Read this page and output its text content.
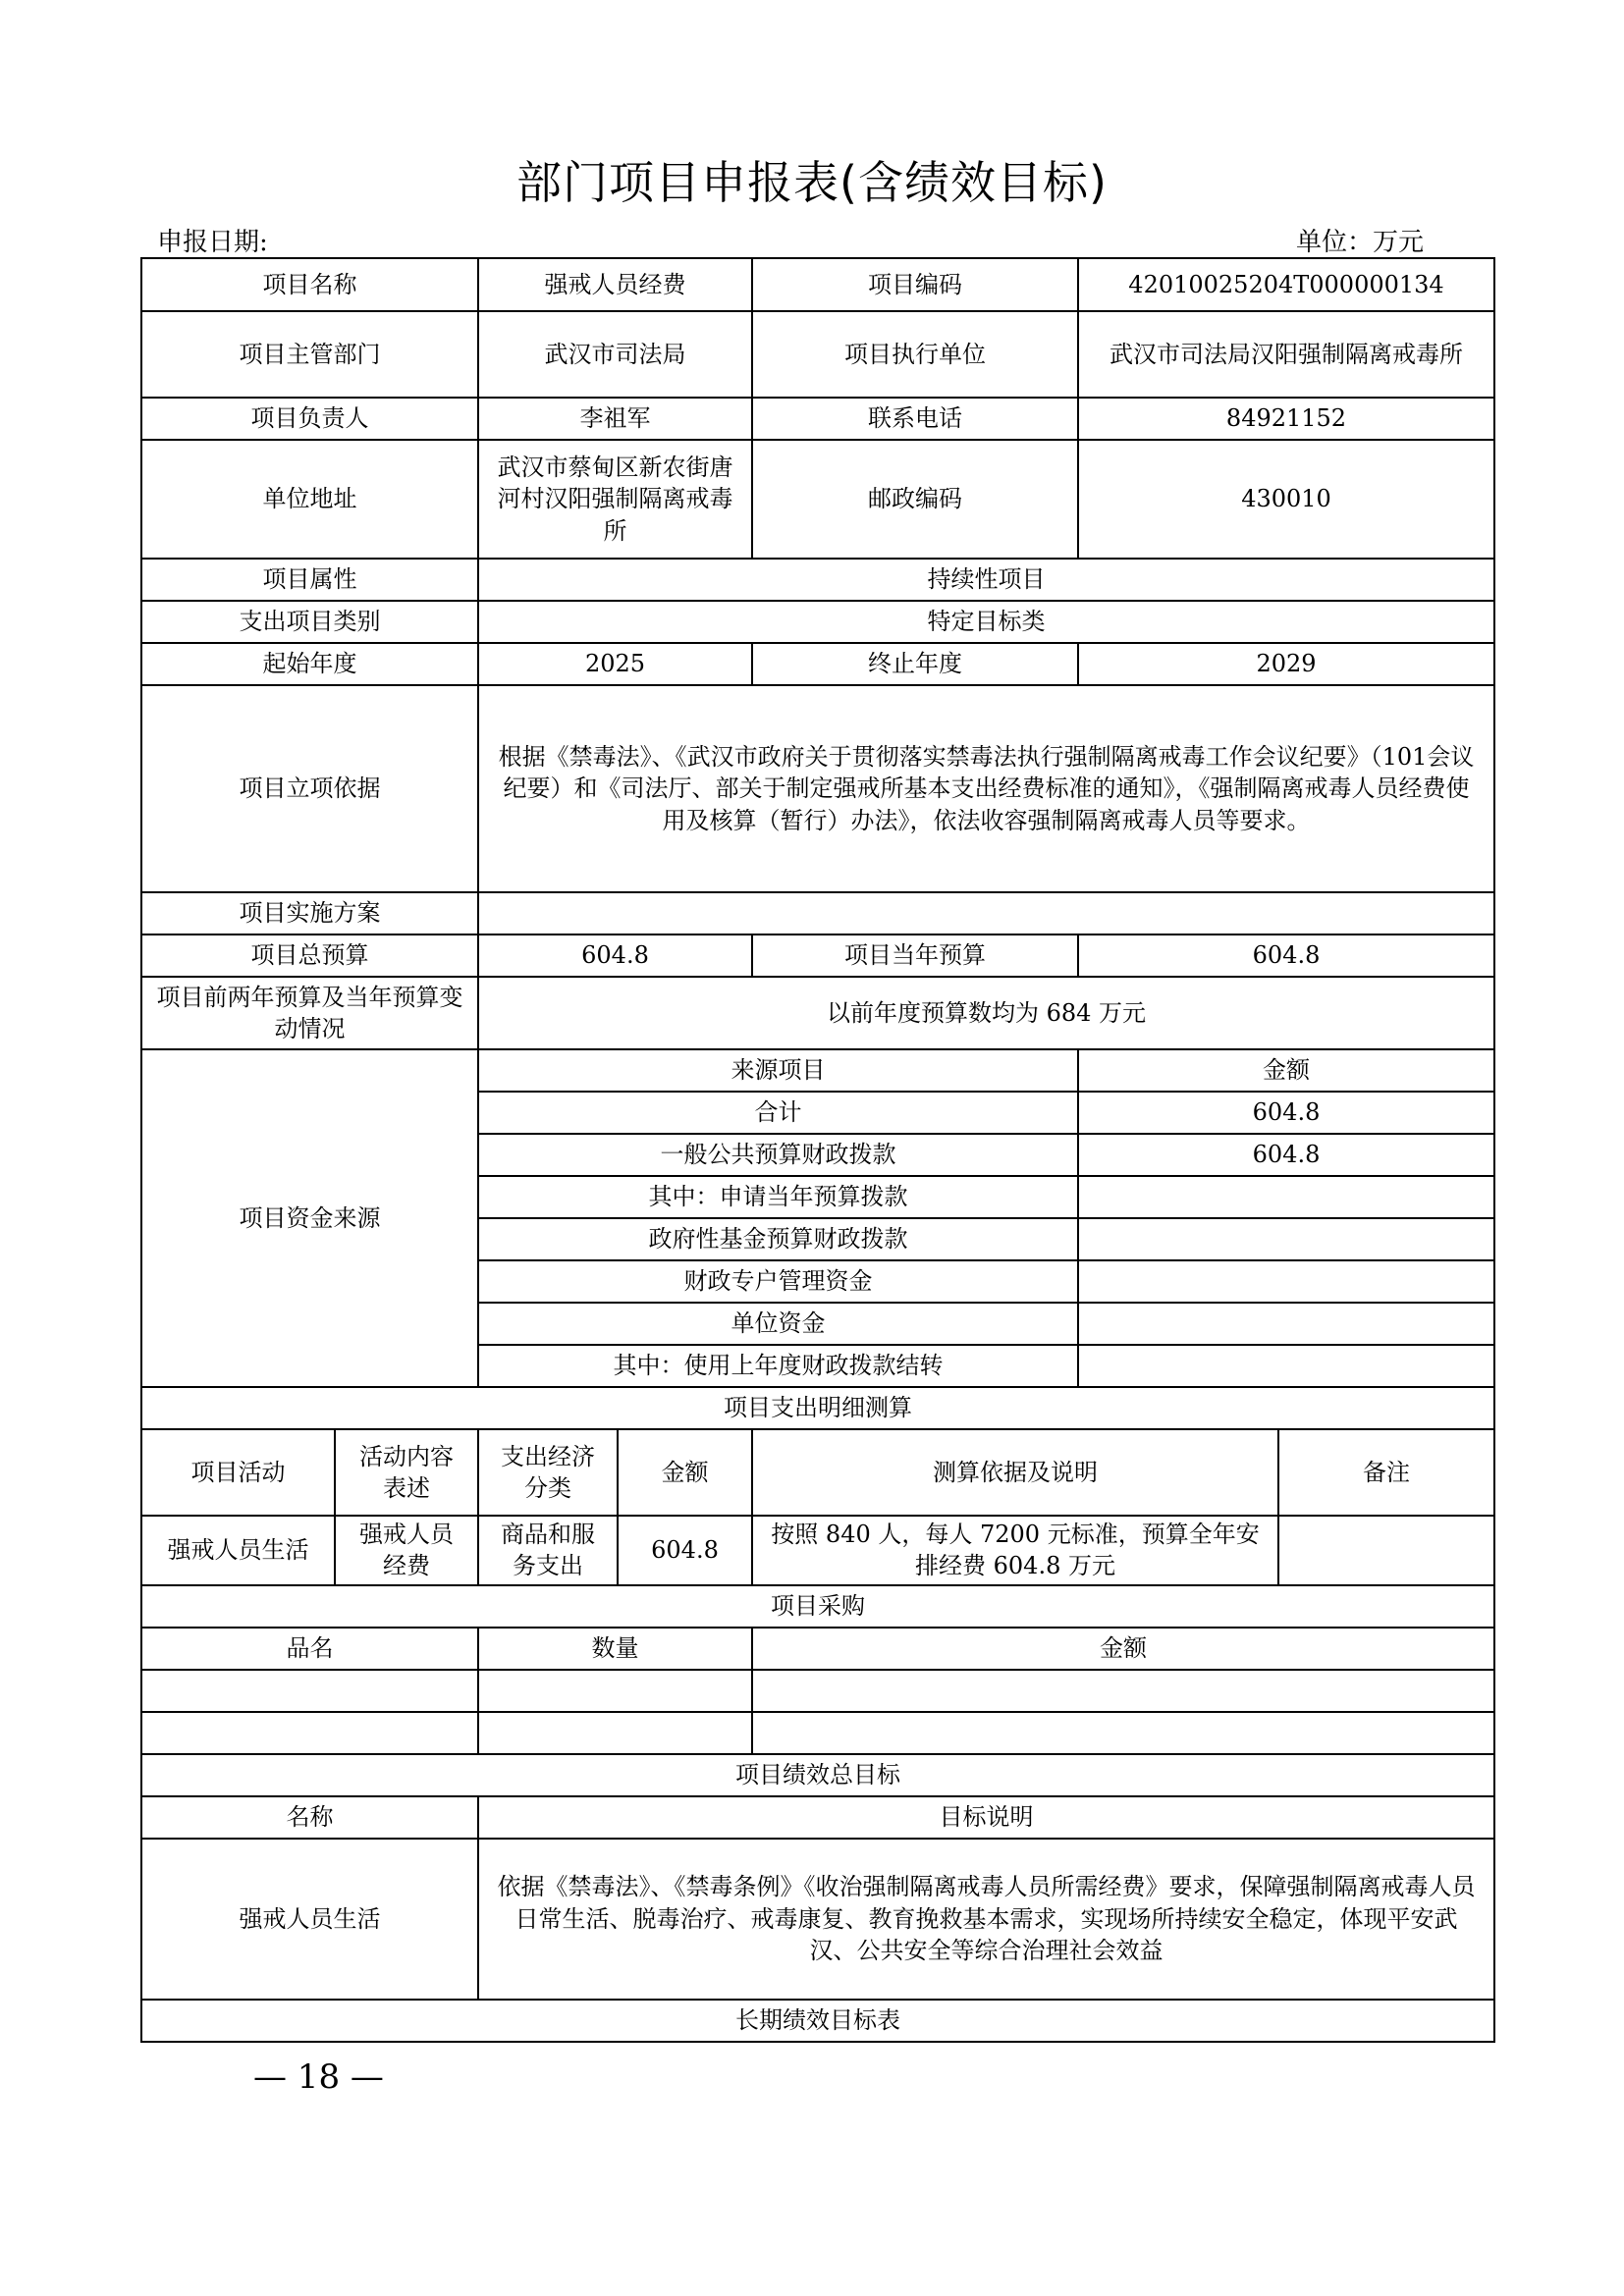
部门项目申报表(含绩效目标)
申报日期:	单位：万元
项目名称		强戒人员经费		项目编码	42010025204T000000134	
项目主管部门		武汉市司法局		项目执行单位	武汉市司法局汉阳强制隔离戒毒所	
项目负责人		李祖军		联系电话	84921152	
单位地址		武汉市蔡甸区新农街唐河村汉阳强制隔离戒毒所		邮政编码	430010	
项目属性		持续性项目				
支出项目类别		特定目标类				
起始年度		2025		终止年度	2029	
项目立项依据		根据《禁毒法》、《武汉市政府关于贯彻落实禁毒法执行强制隔离戒毒工作会议纪要》（101会议纪要）和《司法厅、部关于制定强戒所基本支出经费标准的通知》，《强制隔离戒毒人员经费使用及核算（暂行）办法》，依法收容强制隔离戒毒人员等要求。				
项目实施方案						
项目总预算		604.8		项目当年预算	604.8	
项目前两年预算及当年预算变动情况		以前年度预算数均为 684 万元				
项目资金来源		来源项目			金额	
		合计			604.8	
		一般公共预算财政拨款			604.8	
		其中：申请当年预算拨款				
		政府性基金预算财政拨款				
		财政专户管理资金				
		单位资金				
		其中：使用上年度财政拨款结转				
项目支出明细测算						
项目活动	活动内容表述	支出经济分类	金额	测算依据及说明		备注
强戒人员生活	强戒人员经费	商品和服务支出	604.8	按照 840 人，每人 7200 元标准，预算全年安排经费 604.8 万元		
项目采购						
品名		数量		金额		

项目绩效总目标						
名称		目标说明				
强戒人员生活		依据《禁毒法》、《禁毒条例》《收治强制隔离戒毒人员所需经费》要求，保障强制隔离戒毒人员日常生活、脱毒治疗、戒毒康复、教育挽救基本需求，实现场所持续安全稳定，体现平安武汉、公共安全等综合治理社会效益				
长期绩效目标表						
— 18 —
